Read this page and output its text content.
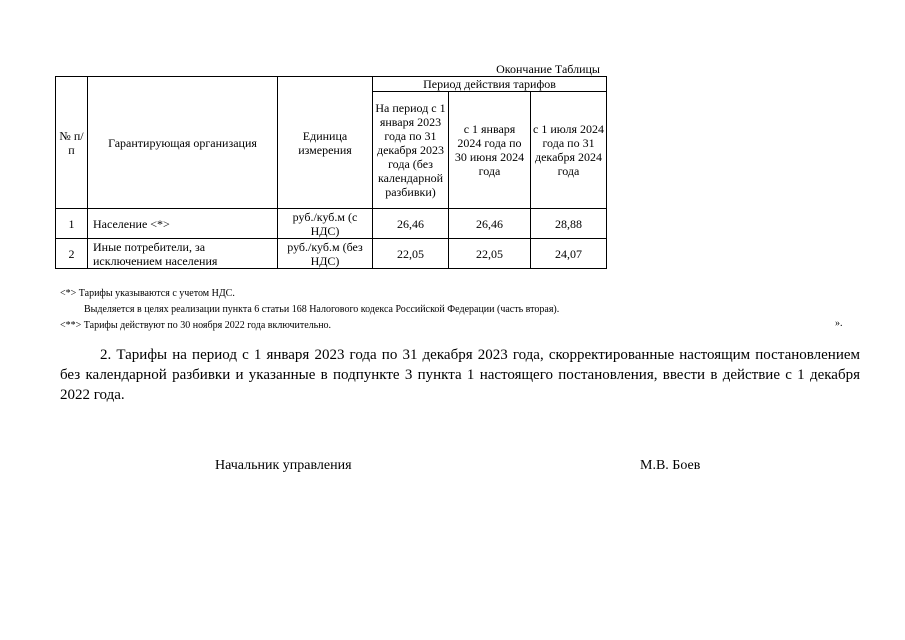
Окончание Таблицы
№ п/п	Гарантирующая организация	Единица измерения	Период действия тарифов		
			На период с 1 января 2023 года по 31 декабря 2023 года (без календарной разбивки)	с 1 января 2024 года по 30 июня 2024 года	с 1 июля 2024 года по 31 декабря 2024 года
1	Население <*>	руб./куб.м (с НДС)	26,46	26,46	28,88
2	Иные потребители, за исключением населения	руб./куб.м (без НДС)	22,05	22,05	24,07
<*> Тарифы указываются с учетом НДС.
Выделяется в целях реализации пункта 6 статьи 168 Налогового кодекса Российской Федерации (часть вторая).
<**> Тарифы действуют по 30 ноября 2022 года включительно.	».
2. Тарифы на период с 1 января 2023 года по 31 декабря 2023 года, скорректированные настоящим постановлением без календарной разбивки и указанные в подпункте 3 пункта 1 настоящего постановления, ввести в действие с 1 декабря 2022 года.
Начальник управления	М.В. Боев
